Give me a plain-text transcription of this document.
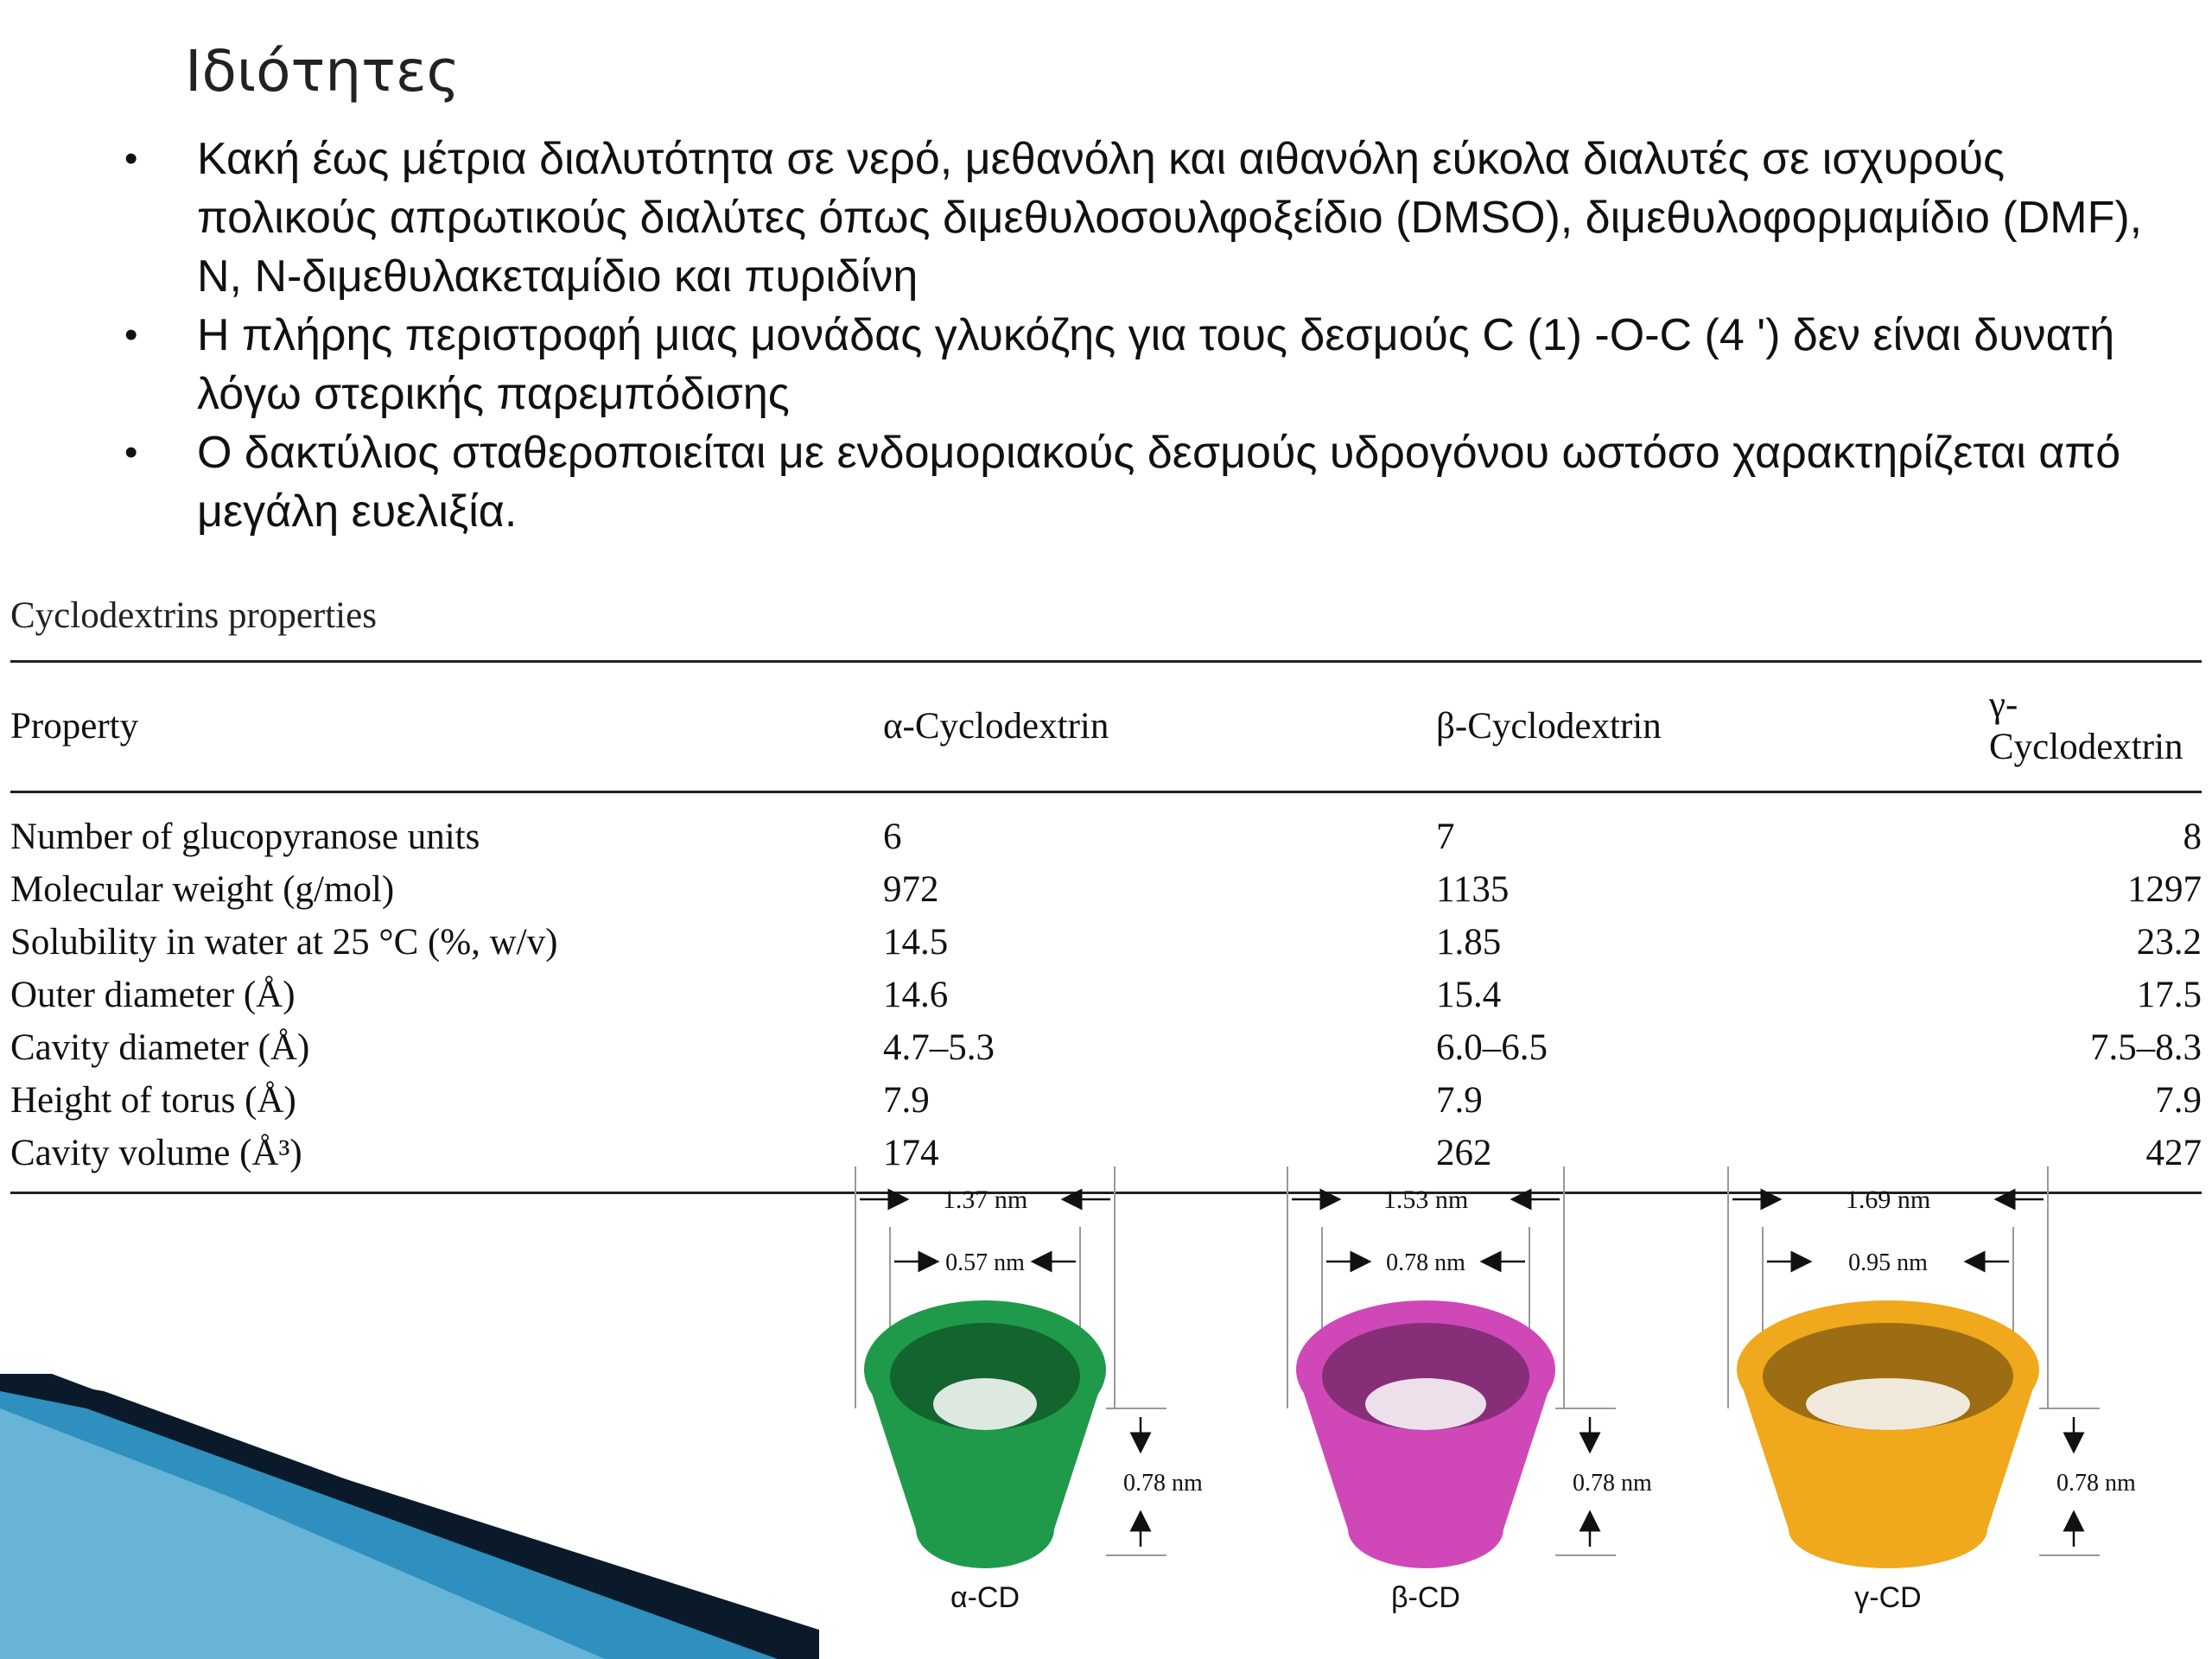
Ιδιότητες
• Κακή έως μέτρια διαλυτότητα σε νερό, μεθανόλη και αιθανόλη εύκολα διαλυτές σε ισχυρούς πολικούς απρωτικούς διαλύτες όπως διμεθυλοσουλφοξείδιο (DMSO), διμεθυλοφορμαμίδιο (DMF), N, N-διμεθυλακεταμίδιο και πυριδίνη
• Η πλήρης περιστροφή μιας μονάδας γλυκόζης για τους δεσμούς C (1) -O-C (4 ') δεν είναι δυνατή λόγω στερικής παρεμπόδισης
• Ο δακτύλιος σταθεροποιείται με ενδομοριακούς δεσμούς υδρογόνου ωστόσο χαρακτηρίζεται από μεγάλη ευελιξία.
Cyclodextrins properties
Property	α-Cyclodextrin	β-Cyclodextrin	γ-Cyclodextrin
Number of glucopyranose units	6	7	8
Molecular weight (g/mol)	972	1135	1297
Solubility in water at 25 °C (%, w/v)	14.5	1.85	23.2
Outer diameter (Å)	14.6	15.4	17.5
Cavity diameter (Å)	4.7–5.3	6.0–6.5	7.5–8.3
Height of torus (Å)	7.9	7.9	7.9
Cavity volume (Å³)	174	262	427
1.37 nm
0.57 nm
0.78 nm
α-CD
1.53 nm
0.78 nm
0.78 nm
β-CD
1.69 nm
0.95 nm
0.78 nm
γ-CD
